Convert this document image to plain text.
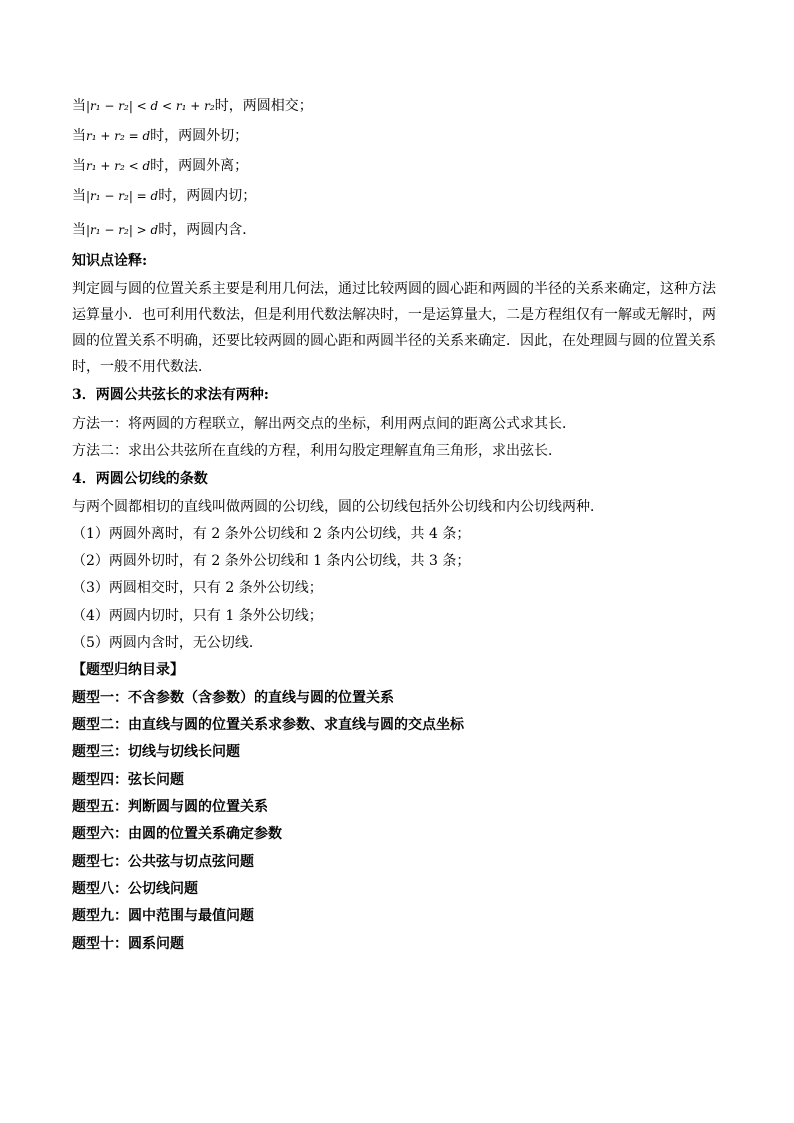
当|r₁ − r₂| < d < r₁ + r₂时，两圆相交；
当r₁ + r₂ = d时，两圆外切；
当r₁ + r₂ < d时，两圆外离；
当|r₁ − r₂| = d时，两圆内切；
当|r₁ − r₂| > d时，两圆内含．
知识点诠释:
判定圆与圆的位置关系主要是利用几何法，通过比较两圆的圆心距和两圆的半径的关系来确定，这种方法
运算量小．也可利用代数法，但是利用代数法解决时，一是运算量大，二是方程组仅有一解或无解时，两
圆的位置关系不明确，还要比较两圆的圆心距和两圆半径的关系来确定．因此，在处理圆与圆的位置关系
时，一般不用代数法．
3．两圆公共弦长的求法有两种:
方法一：将两圆的方程联立，解出两交点的坐标，利用两点间的距离公式求其长．
方法二：求出公共弦所在直线的方程，利用勾股定理解直角三角形，求出弦长．
4．两圆公切线的条数
与两个圆都相切的直线叫做两圆的公切线，圆的公切线包括外公切线和内公切线两种．
（1）两圆外离时，有 2 条外公切线和 2 条内公切线，共 4 条；
（2）两圆外切时，有 2 条外公切线和 1 条内公切线，共 3 条；
（3）两圆相交时，只有 2 条外公切线；
（4）两圆内切时，只有 1 条外公切线；
（5）两圆内含时，无公切线．
【题型归纳目录】
题型一：不含参数（含参数）的直线与圆的位置关系
题型二：由直线与圆的位置关系求参数、求直线与圆的交点坐标
题型三：切线与切线长问题
题型四：弦长问题
题型五：判断圆与圆的位置关系
题型六：由圆的位置关系确定参数
题型七：公共弦与切点弦问题
题型八：公切线问题
题型九：圆中范围与最值问题
题型十：圆系问题
